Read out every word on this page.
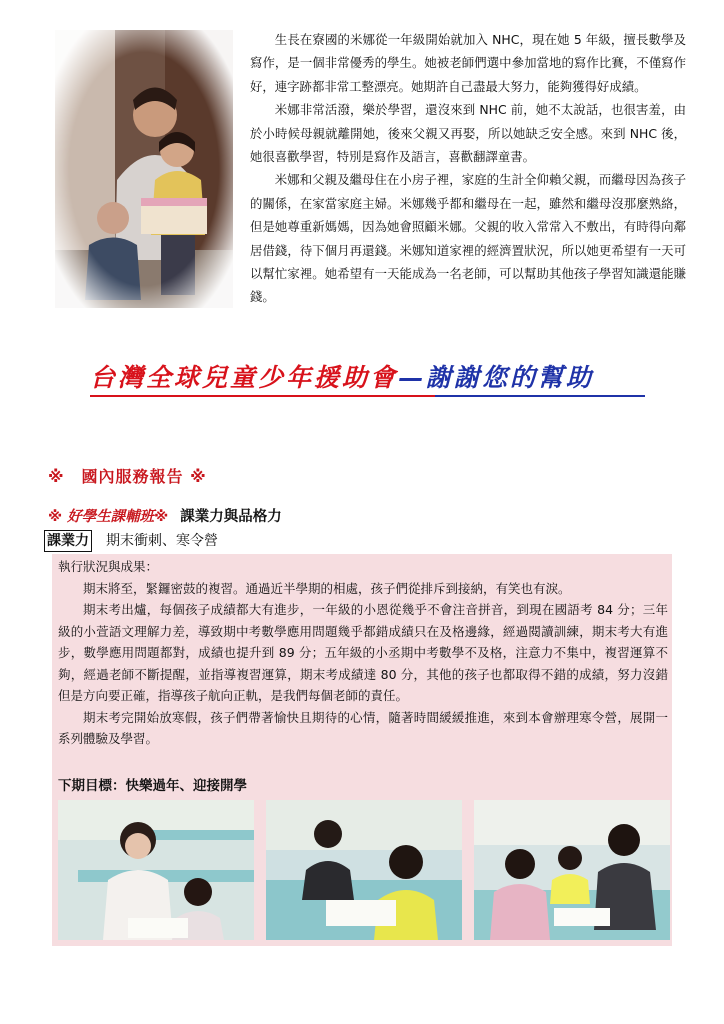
生長在寮國的米娜從一年級開始就加入 NHC，現在她 5 年級，擅長數學及寫作，是一個非常優秀的學生。她被老師們選中參加當地的寫作比賽，不僅寫作好，連字跡都非常工整漂亮。她期許自己盡最大努力，能夠獲得好成績。

米娜非常活潑，樂於學習，還沒來到 NHC 前，她不太說話，也很害羞，由於小時候母親就離開她，後來父親又再娶，所以她缺乏安全感。來到 NHC 後，她很喜歡學習，特別是寫作及語言，喜歡翻譯童書。

米娜和父親及繼母住在小房子裡，家庭的生計全仰賴父親，而繼母因為孩子的關係，在家當家庭主婦。米娜幾乎都和繼母在一起，雖然和繼母沒那麼熟絡，但是她尊重新媽媽，因為她會照顧米娜。父親的收入常常入不敷出，有時得向鄰居借錢，待下個月再還錢。米娜知道家裡的經濟置狀況，所以她更希望有一天可以幫忙家裡。她希望有一天能成為一名老師，可以幫助其他孩子學習知識還能賺錢。

台灣全球兒童少年援助會—謝謝您的幫助
※　國內服務報告 ※
※ 好學生課輔班※ 課業力與品格力
課業力 期末衝刺、寒令營

執行狀況與成果：

期末將至，緊鑼密鼓的複習。通過近半學期的相處，孩子們從排斥到接納，有笑也有淚。

期末考出爐，每個孩子成績都大有進步，一年級的小恩從幾乎不會注音拼音，到現在國語考 84 分；三年級的小萱語文理解力差，導致期中考數學應用問題幾乎都錯成績只在及格邊緣，經過閱讀訓練，期末考大有進步，數學應用問題都對，成績也提升到 89 分；五年級的小丞期中考數學不及格，注意力不集中，複習運算不夠，經過老師不斷提醒，並指導複習運算，期末考成績達 80 分，其他的孩子也都取得不錯的成績，努力沒錯但是方向要正確，指導孩子航向正軌，是我們每個老師的責任。

期末考完開始放寒假，孩子們帶著愉快且期待的心情，隨著時間緩緩推進，來到本會辦理寒令營，展開一系列體驗及學習。

下期目標：快樂過年、迎接開學
